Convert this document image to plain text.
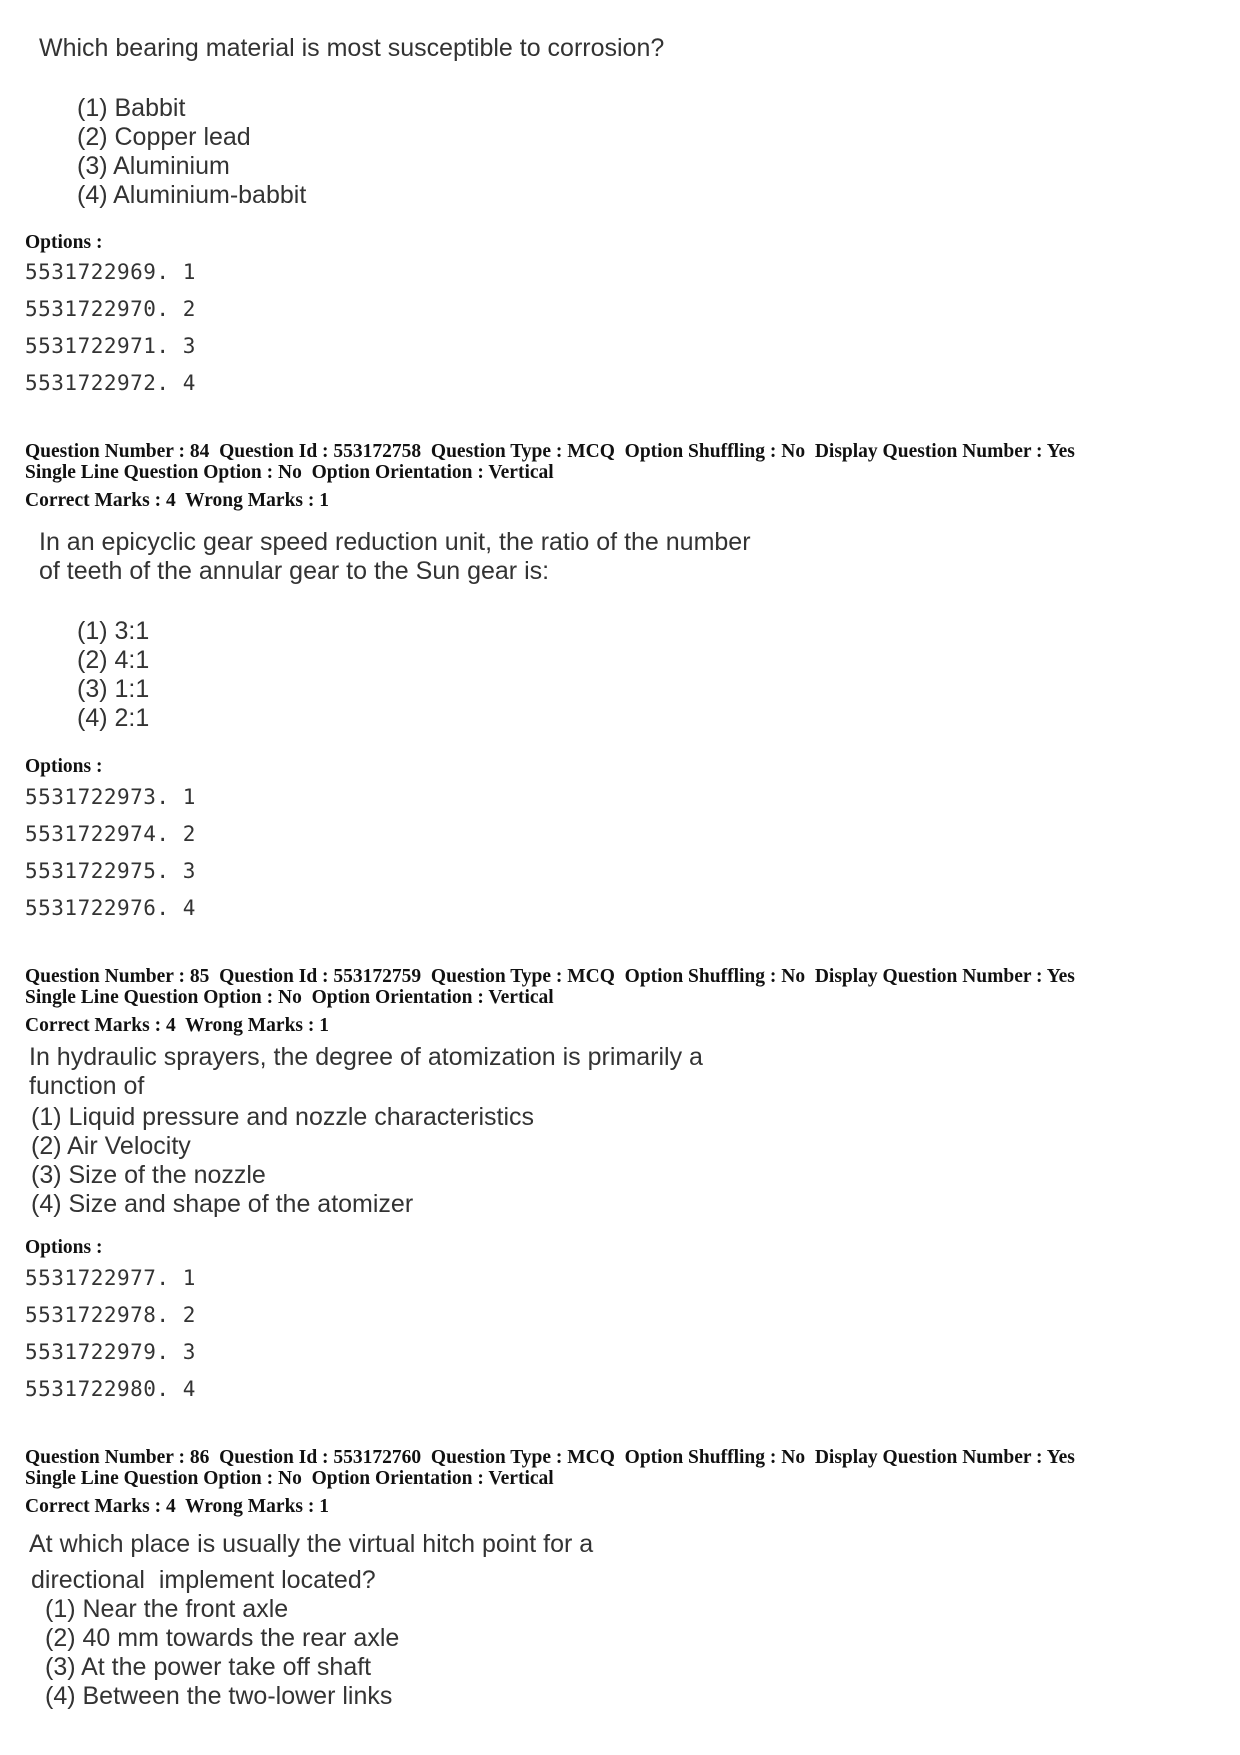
Which bearing material is most susceptible to corrosion?
(1) Babbit
(2) Copper lead
(3) Aluminium
(4) Aluminium-babbit
Options :
5531722969. 1
5531722970. 2
5531722971. 3
5531722972. 4
Question Number : 84  Question Id : 553172758  Question Type : MCQ  Option Shuffling : No  Display Question Number : Yes
Single Line Question Option : No  Option Orientation : Vertical
Correct Marks : 4  Wrong Marks : 1
In an epicyclic gear speed reduction unit, the ratio of the number
of teeth of the annular gear to the Sun gear is:
(1) 3:1
(2) 4:1
(3) 1:1
(4) 2:1
Options :
5531722973. 1
5531722974. 2
5531722975. 3
5531722976. 4
Question Number : 85  Question Id : 553172759  Question Type : MCQ  Option Shuffling : No  Display Question Number : Yes
Single Line Question Option : No  Option Orientation : Vertical
Correct Marks : 4  Wrong Marks : 1
In hydraulic sprayers, the degree of atomization is primarily a
function of
(1) Liquid pressure and nozzle characteristics
(2) Air Velocity
(3) Size of the nozzle
(4) Size and shape of the atomizer
Options :
5531722977. 1
5531722978. 2
5531722979. 3
5531722980. 4
Question Number : 86  Question Id : 553172760  Question Type : MCQ  Option Shuffling : No  Display Question Number : Yes
Single Line Question Option : No  Option Orientation : Vertical
Correct Marks : 4  Wrong Marks : 1
At which place is usually the virtual hitch point for a
directional  implement located?
(1) Near the front axle
(2) 40 mm towards the rear axle
(3) At the power take off shaft
(4) Between the two-lower links
